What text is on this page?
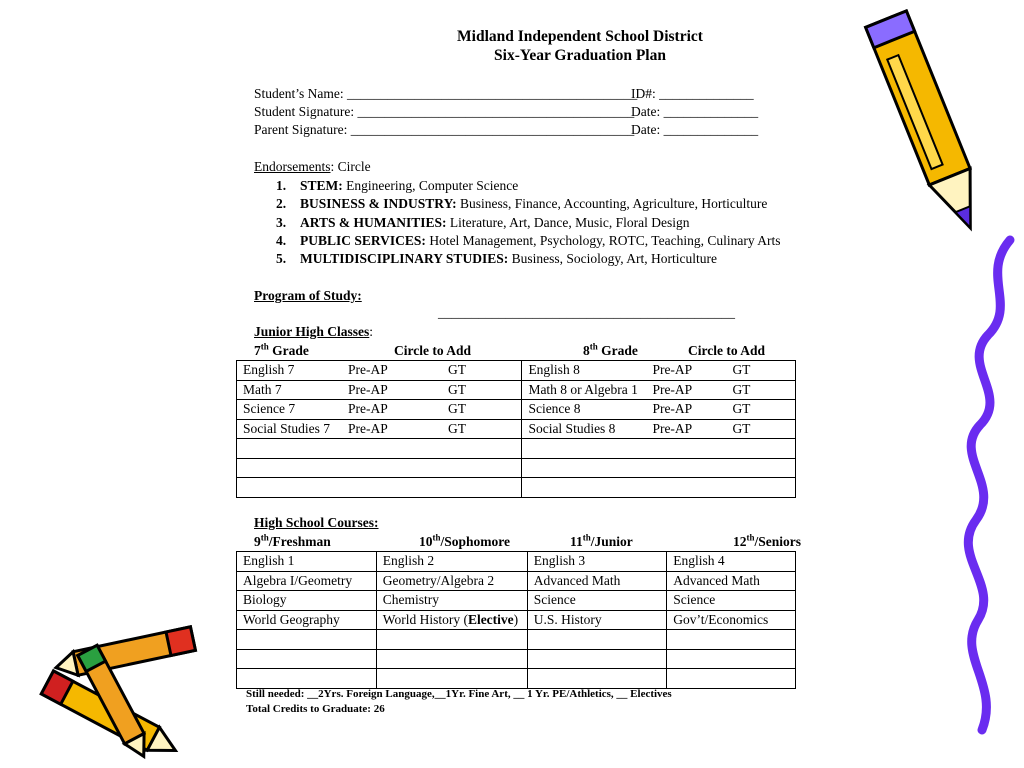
Midland Independent School District
Six-Year Graduation Plan
Student’s Name: ___________________________________________
ID#: ______________
Student Signature: _________________________________________
Date: ______________
Parent Signature: __________________________________________
Date: ______________
Endorsements: Circle
1. STEM: Engineering, Computer Science
2. BUSINESS & INDUSTRY: Business, Finance, Accounting, Agriculture, Horticulture
3. ARTS & HUMANITIES: Literature, Art, Dance, Music, Floral Design
4. PUBLIC SERVICES: Hotel Management, Psychology, ROTC, Teaching, Culinary Arts
5. MULTIDISCIPLINARY STUDIES: Business, Sociology, Art, Horticulture
Program of Study:
____________________________________________
Junior High Classes:
7th Grade	Circle to Add	8th Grade	Circle to Add
English 7 Pre-AP GT	English 8 Pre-AP GT
Math 7 Pre-AP GT	Math 8 or Algebra 1 Pre-AP GT
Science 7 Pre-AP GT	Science 8 Pre-AP GT
Social Studies 7 Pre-AP GT	Social Studies 8 Pre-AP GT

High School Courses:
9th/Freshman	10th/Sophomore	11th/Junior	12th/Seniors
English 1	English 2	English 3	English 4
Algebra I/Geometry	Geometry/Algebra 2	Advanced Math	Advanced Math
Biology	Chemistry	Science	Science
World Geography	World History (Elective)	U.S. History	Gov’t/Economics

Still needed: __2Yrs. Foreign Language,__1Yr. Fine Art, __ 1 Yr. PE/Athletics, __ Electives
Total Credits to Graduate: 26
